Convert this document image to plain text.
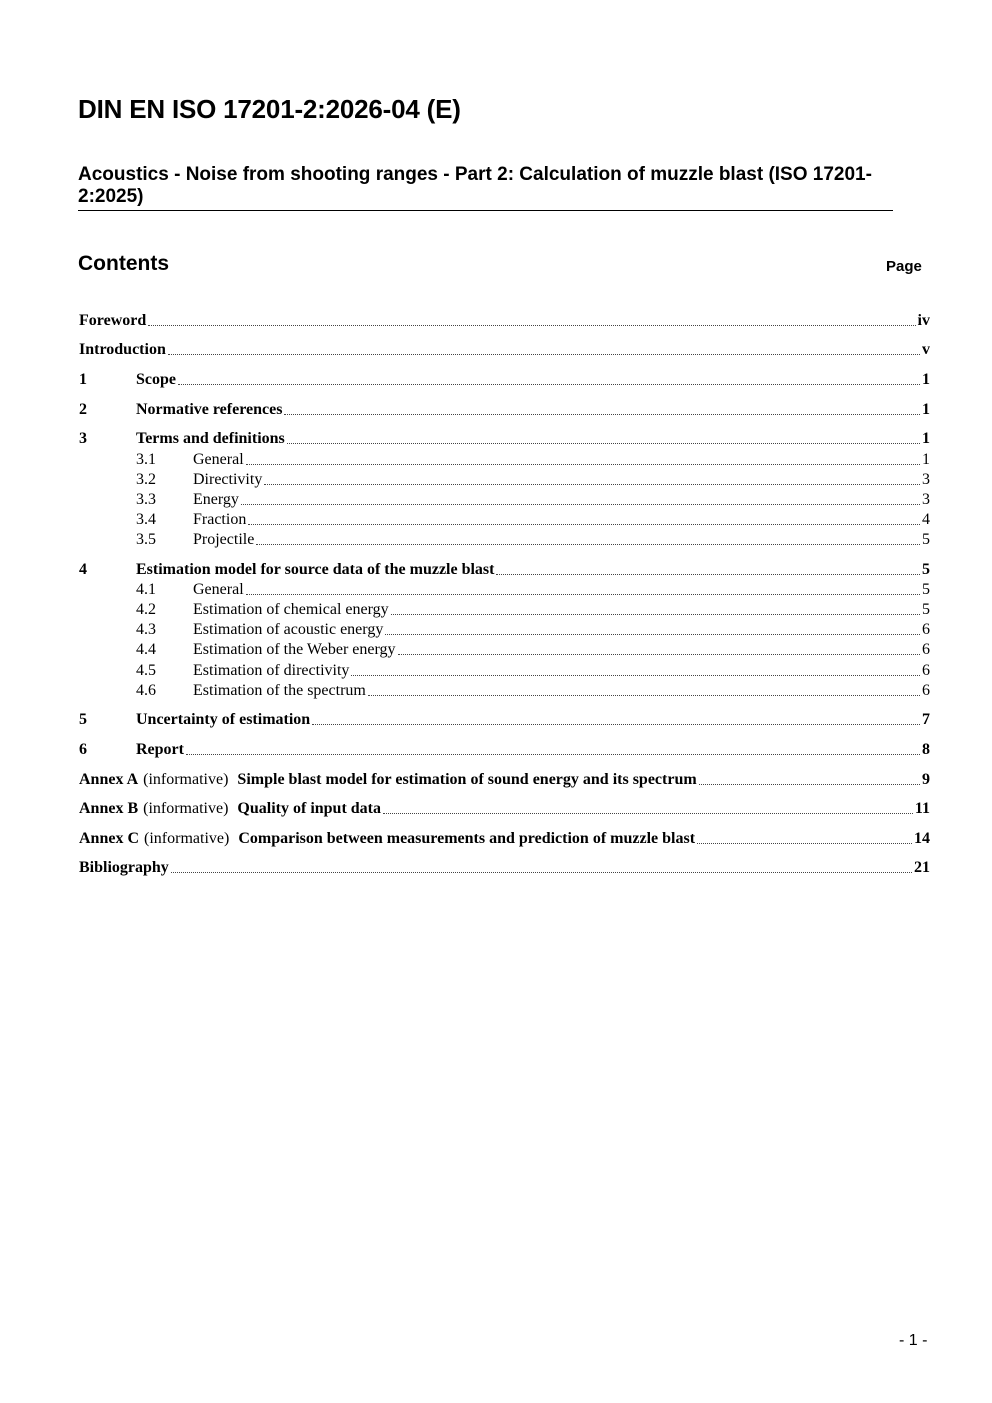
DIN EN ISO 17201-2:2026-04 (E)
Acoustics - Noise from shooting ranges - Part 2: Calculation of muzzle blast (ISO 17201-2:2025)
Contents	Page
Foreword	iv
Introduction	v
1	Scope	1
2	Normative references	1
3	Terms and definitions	1
3.1	General	1
3.2	Directivity	3
3.3	Energy	3
3.4	Fraction	4
3.5	Projectile	5
4	Estimation model for source data of the muzzle blast	5
4.1	General	5
4.2	Estimation of chemical energy	5
4.3	Estimation of acoustic energy	6
4.4	Estimation of the Weber energy	6
4.5	Estimation of directivity	6
4.6	Estimation of the spectrum	6
5	Uncertainty of estimation	7
6	Report	8
Annex A (informative) Simple blast model for estimation of sound energy and its spectrum	9
Annex B (informative) Quality of input data	11
Annex C (informative) Comparison between measurements and prediction of muzzle blast	14
Bibliography	21
- 1 -
